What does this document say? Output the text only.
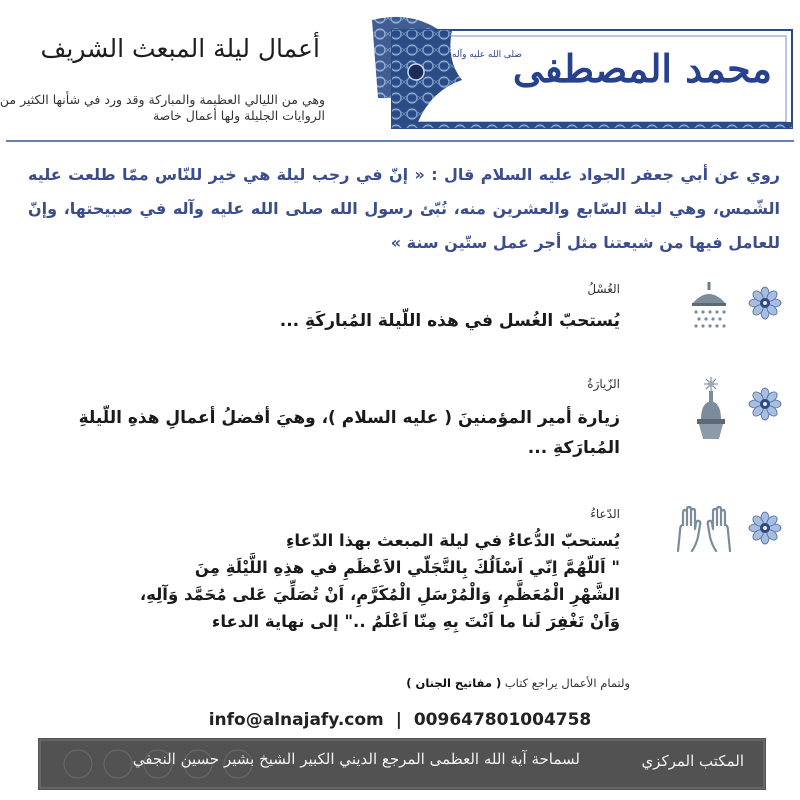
أعمال ليلة المبعث الشريف
وهي من الليالي العظيمة والمباركة وقد ورد في شأنها الكثير من الروايات الجليلة ولها أعمال خاصة
صلى الله عليه وآله
محمد المصطفى
روي عن أبي جعفر الجواد عليه السلام قال : « إنّ في رجب ليلة هي خير للنّاس ممّا طلعت عليه الشّمس، وهي ليلة السّابع والعشرين منه، نُبّئ رسول الله صلى الله عليه وآله في صبيحتها، وإنّ للعامل فيها من شيعتنا مثل أجر عمل ستّين سنة »
الغُسْلُ
يُستحبّ الغُسل في هذه اللّيلة المُباركَةِ ...
الزّيارَةُ
زيارة أمير المؤمنينَ ( عليه السلام )، وهيَ أفضلُ أعمالِ هذهِ اللّيلةِ المُبارَكةِ ...
الدّعاءُ
يُستحبّ الدُّعاءُ في ليلة المبعث بهذا الدّعاءِ
" اَللّهُمَّ اِنّي اَسْاَلُكَ بِالتَّجَلّي الاَعْظَمِ في هذِهِ اللَّيْلَةِ مِنَ
الشَّهْرِ الْمُعَظَّمِ، وَالْمُرْسَلِ الْمُكَرَّمِ، اَنْ تُصَلِّيَ عَلى مُحَمَّد وَآلِهِ،
وَاَنْ تَغْفِرَ لَنا ما اَنْتَ بِهِ مِنّا اَعْلَمُ .." إلى نهاية الدعاء
ولتمام الأعمال يراجع كتاب ( مفاتيح الجنان )
info@alnajafy.com | 009647801004758
لسماحة آية الله العظمى المرجع الديني الكبير الشيخ بشير حسين النجفي	المكتب المركزي
